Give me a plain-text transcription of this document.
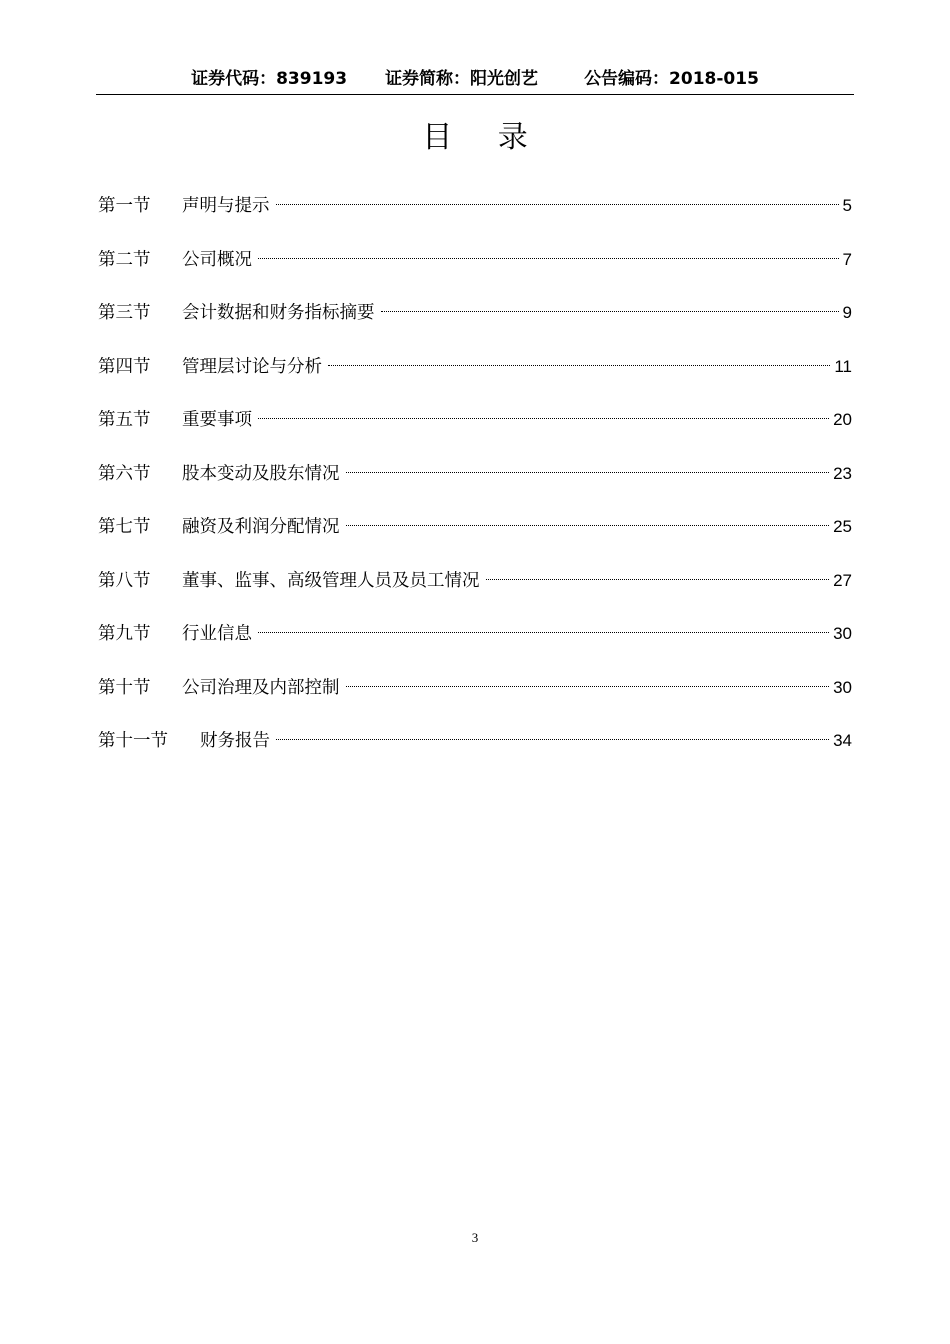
证券代码：839193 证券简称：阳光创艺	公告编码：2018-015
目 录
第一节	声明与提示	5
第二节	公司概况	7
第三节	会计数据和财务指标摘要	9
第四节	管理层讨论与分析	11
第五节	重要事项	20
第六节	股本变动及股东情况	23
第七节	融资及利润分配情况	25
第八节	董事、监事、高级管理人员及员工情况	27
第九节	行业信息	30
第十节	公司治理及内部控制	30
第十一节	财务报告	34
3
